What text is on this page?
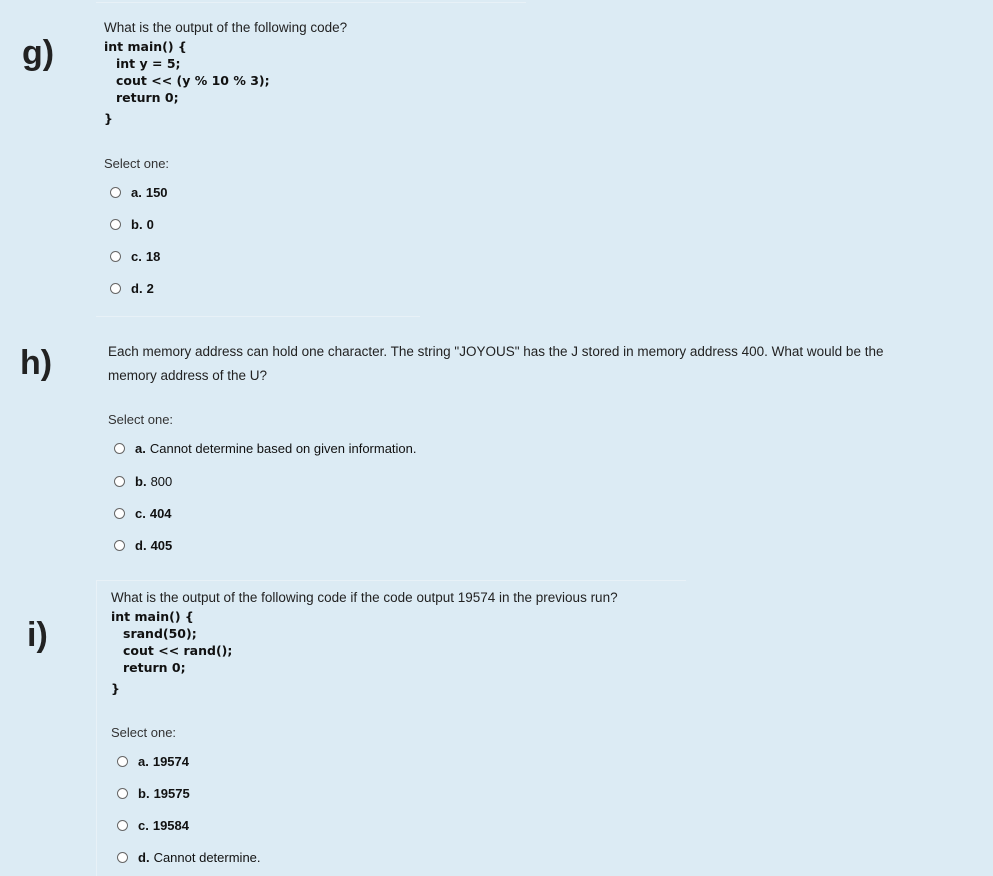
g)

What is the output of the following code?

int main() {
int y = 5;
cout << (y % 10 % 3);
return 0;
}
Select one:
a. 150
b. 0
c. 18
d. 2
h)	Each memory address can hold one character. The string "JOYOUS" has the J stored in memory address 400. What would be the

memory address of the U?

Select one:
a. Cannot determine based on given information.
b. 800
c. 404
d. 405
i)

What is the output of the following code if the code output 19574 in the previous run?

int main() {
srand(50);
cout << rand();
return 0;
}
Select one:
a. 19574
b. 19575
c. 19584
d. Cannot determine.
